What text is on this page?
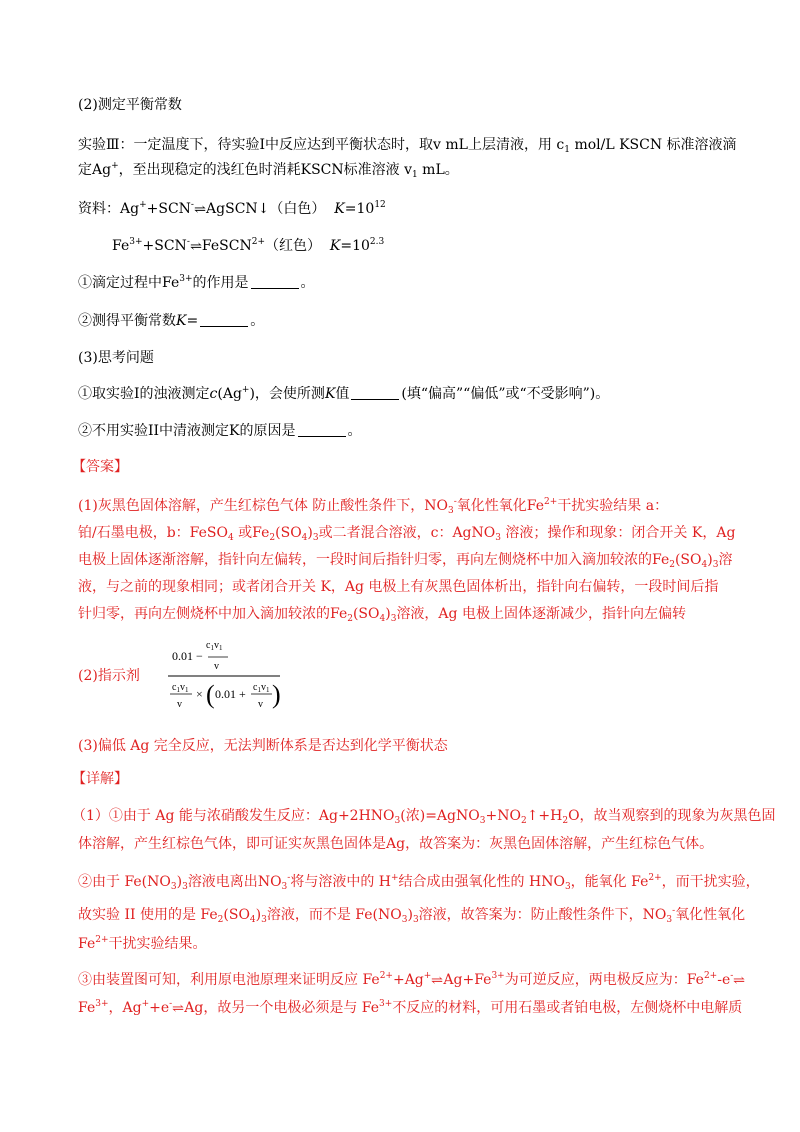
(2)测定平衡常数
实验Ⅲ：一定温度下，待实验Ⅰ中反应达到平衡状态时，取v mL上层清液，用 $c_1$ mol/L KSCN 标准溶液滴
定Ag+，至出现稳定的浅红色时消耗KSCN标准溶液 $v_1$ mL。
资料：Ag++SCN-⇌AgSCN↓（白色） $K=10^{12}$
$Fe^{3+}+SCN^-\rightleftharpoons FeSCN^{2+}$（红色） $K=10^{2.3}$
①滴定过程中$Fe^{3+}$的作用是	。
②测得平衡常数K=	。
(3)思考问题
①取实验Ⅰ的浊液测定c(Ag+)，会使所测K值	(填“偏高”“偏低”或“不受影响”)。
②不用实验II中清液测定K的原因是	。
【答案】
(1)灰黑色固体溶解，产生红棕色气体 防止酸性条件下，$NO_3^-$氧化性氧化$Fe^{2+}$干扰实验结果 a：
铂/石墨电极，b：FeSO$_4$ 或$Fe_2(SO_4)_3$或二者混合溶液，c：AgNO$_3$ 溶液；操作和现象：闭合开关 K，Ag
电极上固体逐渐溶解，指针向左偏转，一段时间后指针归零，再向左侧烧杯中加入滴加较浓的$Fe_2(SO_4)_3$溶
液，与之前的现象相同；或者闭合开关 K，Ag 电极上有灰黑色固体析出，指针向右偏转，一段时间后指
针归零，再向左侧烧杯中加入滴加较浓的$Fe_2(SO_4)_3$溶液，Ag 电极上固体逐渐减少，指针向左偏转
(2)指示剂
$c_1v_1$
0.01 −
v
$c_1v_1$
v
× ( $0.01 + c_1v_1$
v )
(3)偏低 Ag 完全反应，无法判断体系是否达到化学平衡状态
【详解】
（1）①由于 Ag 能与浓硝酸发生反应：$Ag+2HNO_3$(浓)$=AgNO_3+NO_2↑+H_2O$，故当观察到的现象为灰黑色固
体溶解，产生红棕色气体，即可证实灰黑色固体是Ag，故答案为：灰黑色固体溶解，产生红棕色气体。
②由于 $Fe(NO_3)_3$溶液电离出$NO_3^-$将与溶液中的 H+结合成由强氧化性的 $HNO_3$，能氧化 $Fe^{2+}$，而干扰实验，
故实验 II 使用的是 $Fe_2(SO_4)_3$溶液，而不是 $Fe(NO_3)_3$溶液，故答案为：防止酸性条件下，$NO_3^-$氧化性氧化
$Fe^{2+}$干扰实验结果。
③由装置图可知，利用原电池原理来证明反应 $Fe^{2+}+Ag^+\rightleftharpoons Ag+Fe^{3+}$为可逆反应，两电极反应为：$Fe^{2+}-e^-\rightleftharpoons$
$Fe^{3+}$，Ag++e-⇌Ag，故另一个电极必须是与 $Fe^{3+}$不反应的材料，可用石墨或者铂电极，左侧烧杯中电解质
